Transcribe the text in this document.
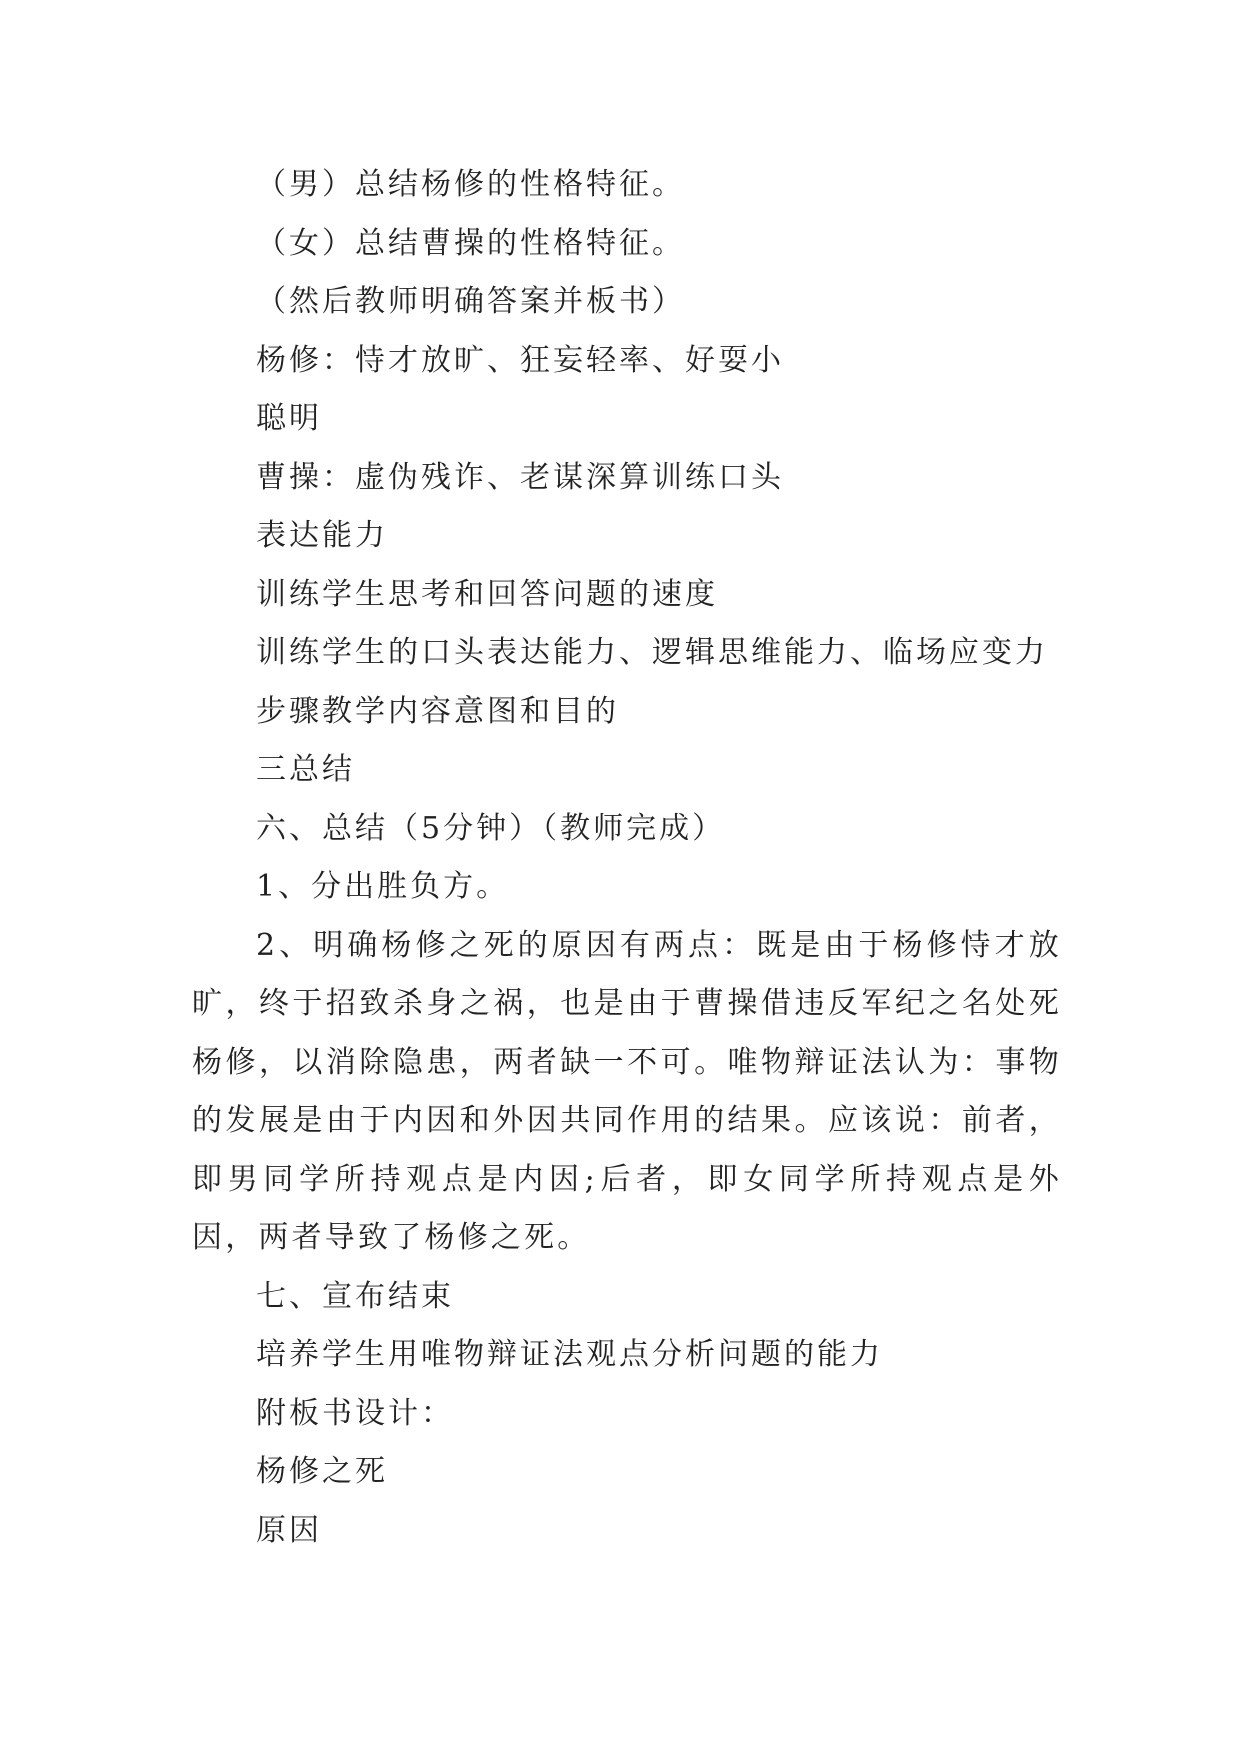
（男）总结杨修的性格特征。
（女）总结曹操的性格特征。
（然后教师明确答案并板书）
杨修：恃才放旷、狂妄轻率、好耍小
聪明
曹操：虚伪残诈、老谋深算训练口头
表达能力
训练学生思考和回答问题的速度
训练学生的口头表达能力、逻辑思维能力、临场应变力
步骤教学内容意图和目的
三总结
六、总结（5分钟）（教师完成）
1、分出胜负方。
2、明确杨修之死的原因有两点：既是由于杨修恃才放旷，终于招致杀身之祸，也是由于曹操借违反军纪之名处死杨修，以消除隐患，两者缺一不可。唯物辩证法认为：事物的发展是由于内因和外因共同作用的结果。应该说：前者，即男同学所持观点是内因;后者，即女同学所持观点是外因，两者导致了杨修之死。
七、宣布结束
培养学生用唯物辩证法观点分析问题的能力
附板书设计：
杨修之死
原因
